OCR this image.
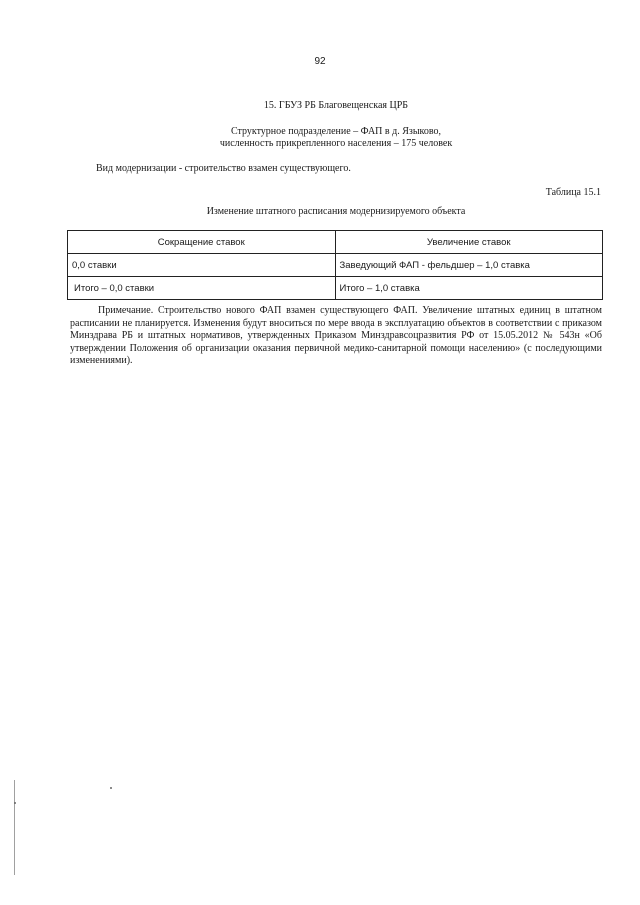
92
15. ГБУЗ РБ Благовещенская ЦРБ
Структурное подразделение – ФАП в д. Языково,
численность прикрепленного населения – 175 человек
Вид модернизации - строительство взамен существующего.
Таблица 15.1
Изменение штатного расписания модернизируемого объекта
Сокращение ставок	Увеличение ставок
0,0 ставки	Заведующий ФАП - фельдшер – 1,0 ставка
Итого – 0,0 ставки	Итого – 1,0 ставка

Примечание. Строительство нового ФАП взамен существующего ФАП. Увеличение штатных единиц в штатном расписании не планируется. Изменения будут вноситься по мере ввода в эксплуатацию объектов в соответствии с приказом Минздрава РБ и штатных нормативов, утвержденных Приказом Минздравсоцразвития РФ от 15.05.2012 № 543н «Об утверждении Положения об организации оказания первичной медико-санитарной помощи населению» (с последующими изменениями).
